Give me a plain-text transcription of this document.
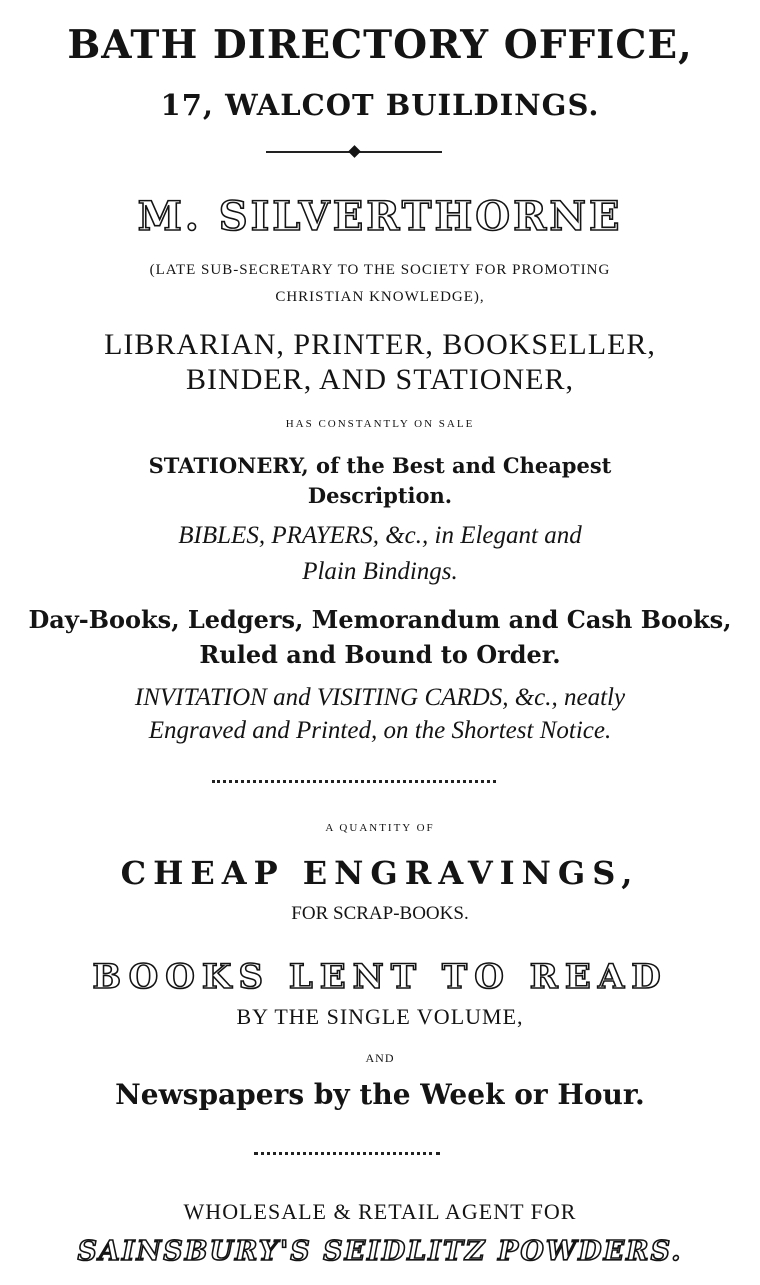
BATH DIRECTORY OFFICE,
17, WALCOT BUILDINGS.
M. SILVERTHORNE
(LATE SUB-SECRETARY TO THE SOCIETY FOR PROMOTING
CHRISTIAN KNOWLEDGE),
LIBRARIAN, PRINTER, BOOKSELLER,
BINDER, AND STATIONER,
HAS CONSTANTLY ON SALE
STATIONERY, of the Best and Cheapest
Description.
BIBLES, PRAYERS, &c., in Elegant and
Plain Bindings.
Day-Books, Ledgers, Memorandum and Cash Books,
Ruled and Bound to Order.
INVITATION and VISITING CARDS, &c., neatly
Engraved and Printed, on the Shortest Notice.
A QUANTITY OF
CHEAP ENGRAVINGS,
FOR SCRAP-BOOKS.
BOOKS LENT TO READ
BY THE SINGLE VOLUME,
AND
Newspapers by the Week or Hour.
WHOLESALE & RETAIL AGENT FOR
SAINSBURY'S SEIDLITZ POWDERS.
